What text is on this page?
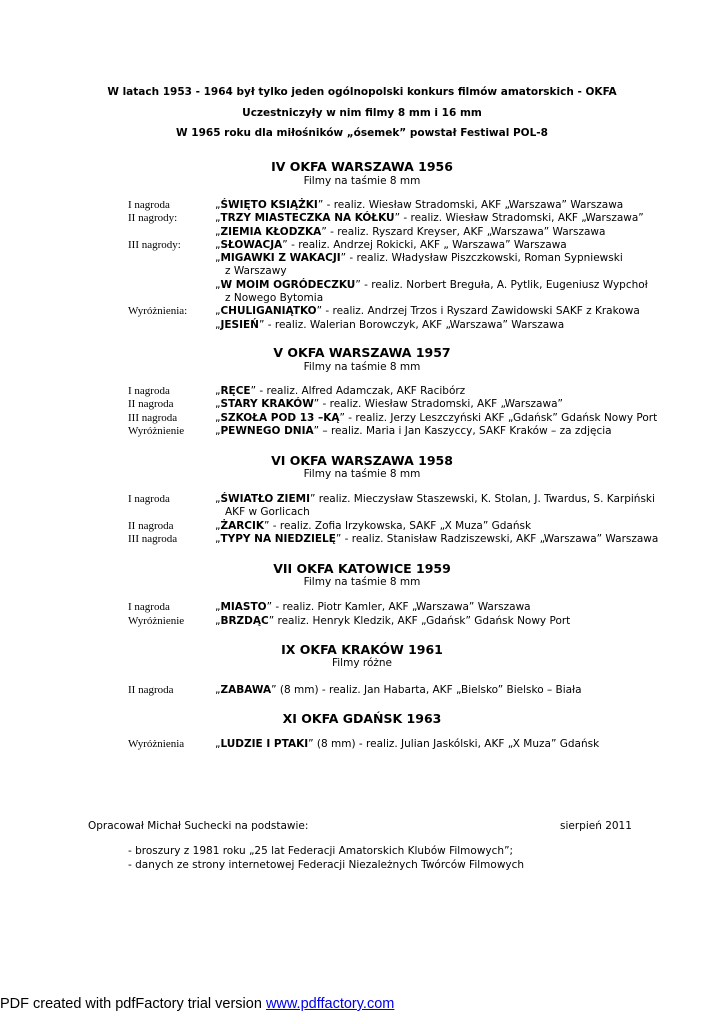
W latach 1953 - 1964 był tylko jeden ogólnopolski konkurs filmów amatorskich - OKFA
Uczestniczyły w nim filmy 8 mm i 16 mm
W 1965 roku dla miłośników „ósemek” powstał Festiwal POL-8
IV OKFA WARSZAWA 1956
Filmy na taśmie 8 mm
I nagroda	„ŚWIĘTO KSIĄŻKI” - realiz. Wiesław Stradomski, AKF „Warszawa” Warszawa
II nagrody:	„TRZY MIASTECZKA NA KÓŁKU” - realiz. Wiesław Stradomski, AKF „Warszawa”
„ZIEMIA KŁODZKA” - realiz. Ryszard Kreyser, AKF „Warszawa” Warszawa
III nagrody:	„SŁOWACJA” - realiz. Andrzej Rokicki, AKF „ Warszawa” Warszawa
„MIGAWKI Z WAKACJI” - realiz. Władysław Piszczkowski, Roman Sypniewski
z Warszawy
„W MOIM OGRÓDECZKU” - realiz. Norbert Breguła, A. Pytlik, Eugeniusz Wypchoł
z Nowego Bytomia
Wyróżnienia:	„CHULIGANIĄTKO” - realiz. Andrzej Trzos i Ryszard Zawidowski SAKF z Krakowa
„JESIEŃ” - realiz. Walerian Borowczyk, AKF „Warszawa” Warszawa
V OKFA WARSZAWA 1957
Filmy na taśmie 8 mm
I nagroda	„RĘCE” - realiz. Alfred Adamczak, AKF Racibórz
II nagroda	„STARY KRAKÓW” - realiz. Wiesław Stradomski, AKF „Warszawa”
III nagroda	„SZKOŁA POD 13 –KĄ” - realiz. Jerzy Leszczyński AKF „Gdańsk” Gdańsk Nowy Port
Wyróżnienie	„PEWNEGO DNIA” – realiz. Maria i Jan Kaszyccy, SAKF Kraków – za zdjęcia
VI OKFA WARSZAWA 1958
Filmy na taśmie 8 mm
I nagroda	„ŚWIATŁO ZIEMI” realiz. Mieczysław Staszewski, K. Stolan, J. Twardus, S. Karpiński
AKF w Gorlicach
II nagroda	„ŻARCIK” - realiz. Zofia Irzykowska, SAKF „X Muza” Gdańsk
III nagroda	„TYPY NA NIEDZIELĘ” - realiz. Stanisław Radziszewski, AKF „Warszawa” Warszawa
VII OKFA KATOWICE 1959
Filmy na taśmie 8 mm
I nagroda	„MIASTO” - realiz. Piotr Kamler, AKF „Warszawa” Warszawa
Wyróżnienie	„BRZDĄC” realiz. Henryk Kledzik, AKF „Gdańsk” Gdańsk Nowy Port
IX OKFA KRAKÓW 1961
Filmy różne
II nagroda	„ZABAWA” (8 mm) - realiz. Jan Habarta, AKF „Bielsko” Bielsko – Biała
XI OKFA GDAŃSK 1963
Wyróżnienia	„LUDZIE I PTAKI” (8 mm) - realiz. Julian Jaskólski, AKF „X Muza” Gdańsk
Opracował Michał Suchecki na podstawie:	sierpień 2011
- broszury z 1981 roku „25 lat Federacji Amatorskich Klubów Filmowych”;
- danych ze strony internetowej Federacji Niezależnych Twórców Filmowych
PDF created with pdfFactory trial version www.pdffactory.com
